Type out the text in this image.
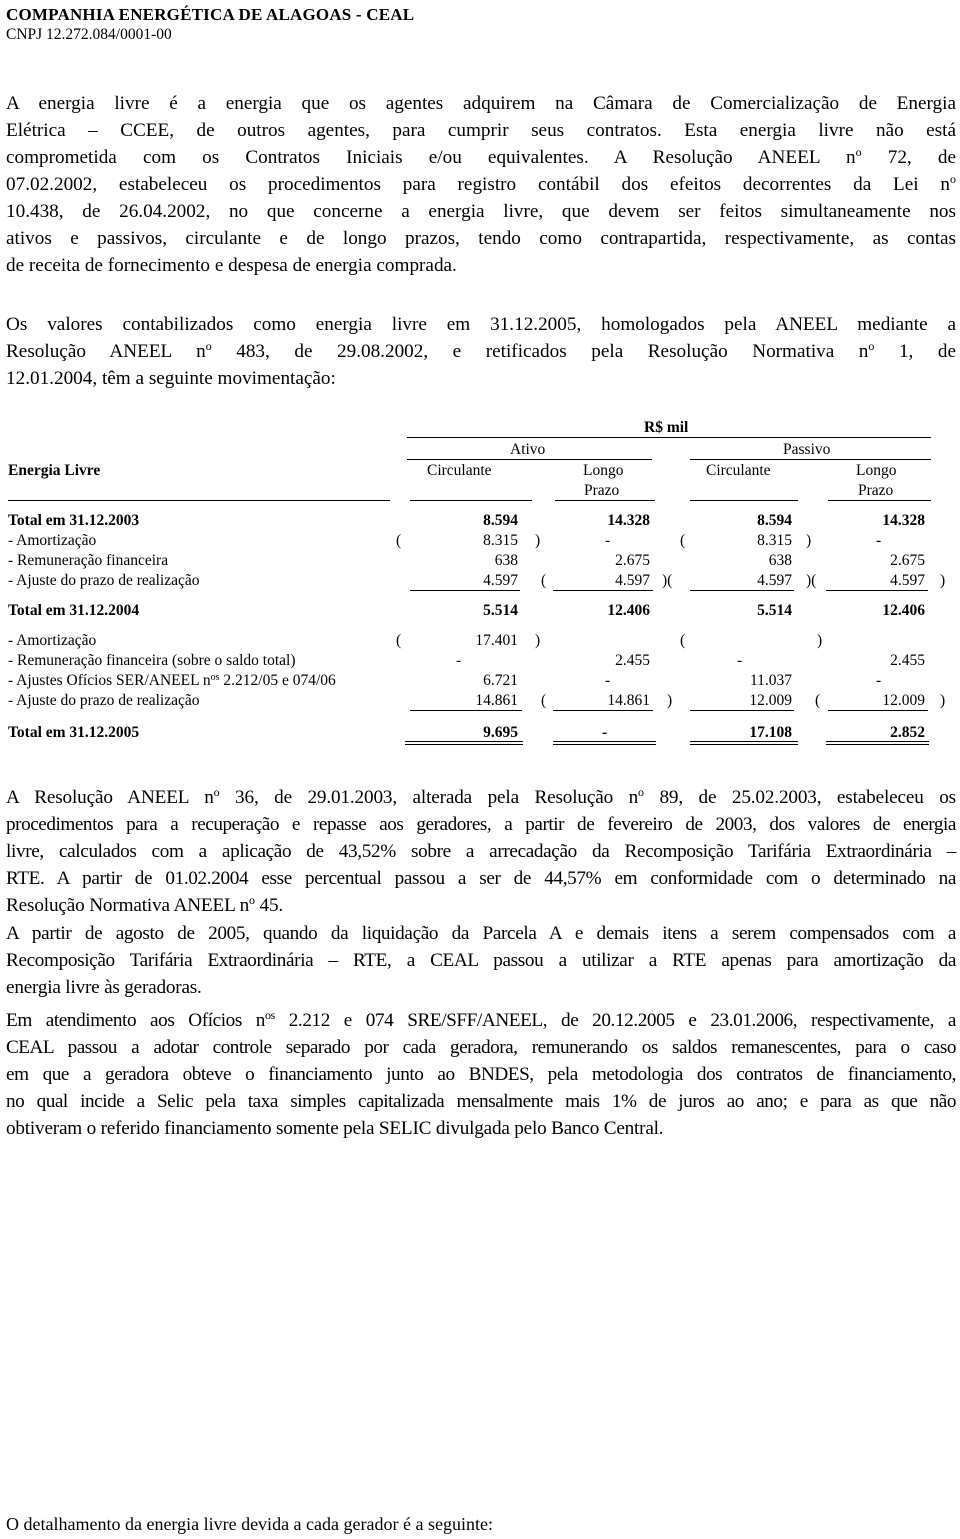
COMPANHIA ENERGÉTICA DE ALAGOAS - CEAL
CNPJ 12.272.084/0001-00
A energia livre é a energia que os agentes adquirem na Câmara de Comercialização de Energia
Elétrica – CCEE, de outros agentes, para cumprir seus contratos. Esta energia livre não está
comprometida com os Contratos Iniciais e/ou equivalentes. A Resolução ANEEL $n^o$ 72, de
07.02.2002, estabeleceu os procedimentos para registro contábil dos efeitos decorrentes da Lei $n^o$
10.438, de 26.04.2002, no que concerne a energia livre, que devem ser feitos simultaneamente nos
ativos e passivos, circulante e de longo prazos, tendo como contrapartida, respectivamente, as contas
de receita de fornecimento e despesa de energia comprada.
Os valores contabilizados como energia livre em 31.12.2005, homologados pela ANEEL mediante a
Resolução ANEEL $n^o$ 483, de 29.08.2002, e retificados pela Resolução Normativa $n^o$ 1, de
12.01.2004, têm a seguinte movimentação:
R$ mil
Ativo	Passivo
Energia Livre	Circulante	Longo
Prazo
Circulante	Longo
Prazo
Total em 31.12.2003	8.594	14.328	8.594	14.328
- Amortização	(	8.315 )	-	(	8.315 )	-
- Remuneração financeira	638	2.675	638	2.675
- Ajuste do prazo de realização	4.597 (	4.597 )(	4.597 )(	4.597 )
Total em 31.12.2004	5.514	12.406	5.514	12.406
- Amortização	(	17.401 )	(	)
- Remuneração financeira (sobre o saldo total)	-	2.455	-	2.455
- Ajustes Ofícios SER/ANEEL $n^{os}$ 2.212/05 e 074/06	6.721	-	11.037	-
- Ajuste do prazo de realização	14.861 (	14.861 )	12.009 (	12.009 )
Total em 31.12.2005	9.695	-	17.108	2.852
A Resolução ANEEL $n^o$ 36, de 29.01.2003, alterada pela Resolução $n^o$ 89, de 25.02.2003, estabeleceu os
procedimentos para a recuperação e repasse aos geradores, a partir de fevereiro de 2003, dos valores de energia
livre, calculados com a aplicação de 43,52% sobre a arrecadação da Recomposição Tarifária Extraordinária –
RTE. A partir de 01.02.2004 esse percentual passou a ser de 44,57% em conformidade com o determinado na
Resolução Normativa ANEEL $n^o$ 45.
A partir de agosto de 2005, quando da liquidação da Parcela A e demais itens a serem compensados com a
Recomposição Tarifária Extraordinária – RTE, a CEAL passou a utilizar a RTE apenas para amortização da
energia livre às geradoras.
Em atendimento aos Ofícios $n^{os}$ 2.212 e 074 SRE/SFF/ANEEL, de 20.12.2005 e 23.01.2006, respectivamente, a
CEAL passou a adotar controle separado por cada geradora, remunerando os saldos remanescentes, para o caso
em que a geradora obteve o financiamento junto ao BNDES, pela metodologia dos contratos de financiamento,
no qual incide a Selic pela taxa simples capitalizada mensalmente mais 1% de juros ao ano; e para as que não
obtiveram o referido financiamento somente pela SELIC divulgada pelo Banco Central.
O detalhamento da energia livre devida a cada gerador é a seguinte:
